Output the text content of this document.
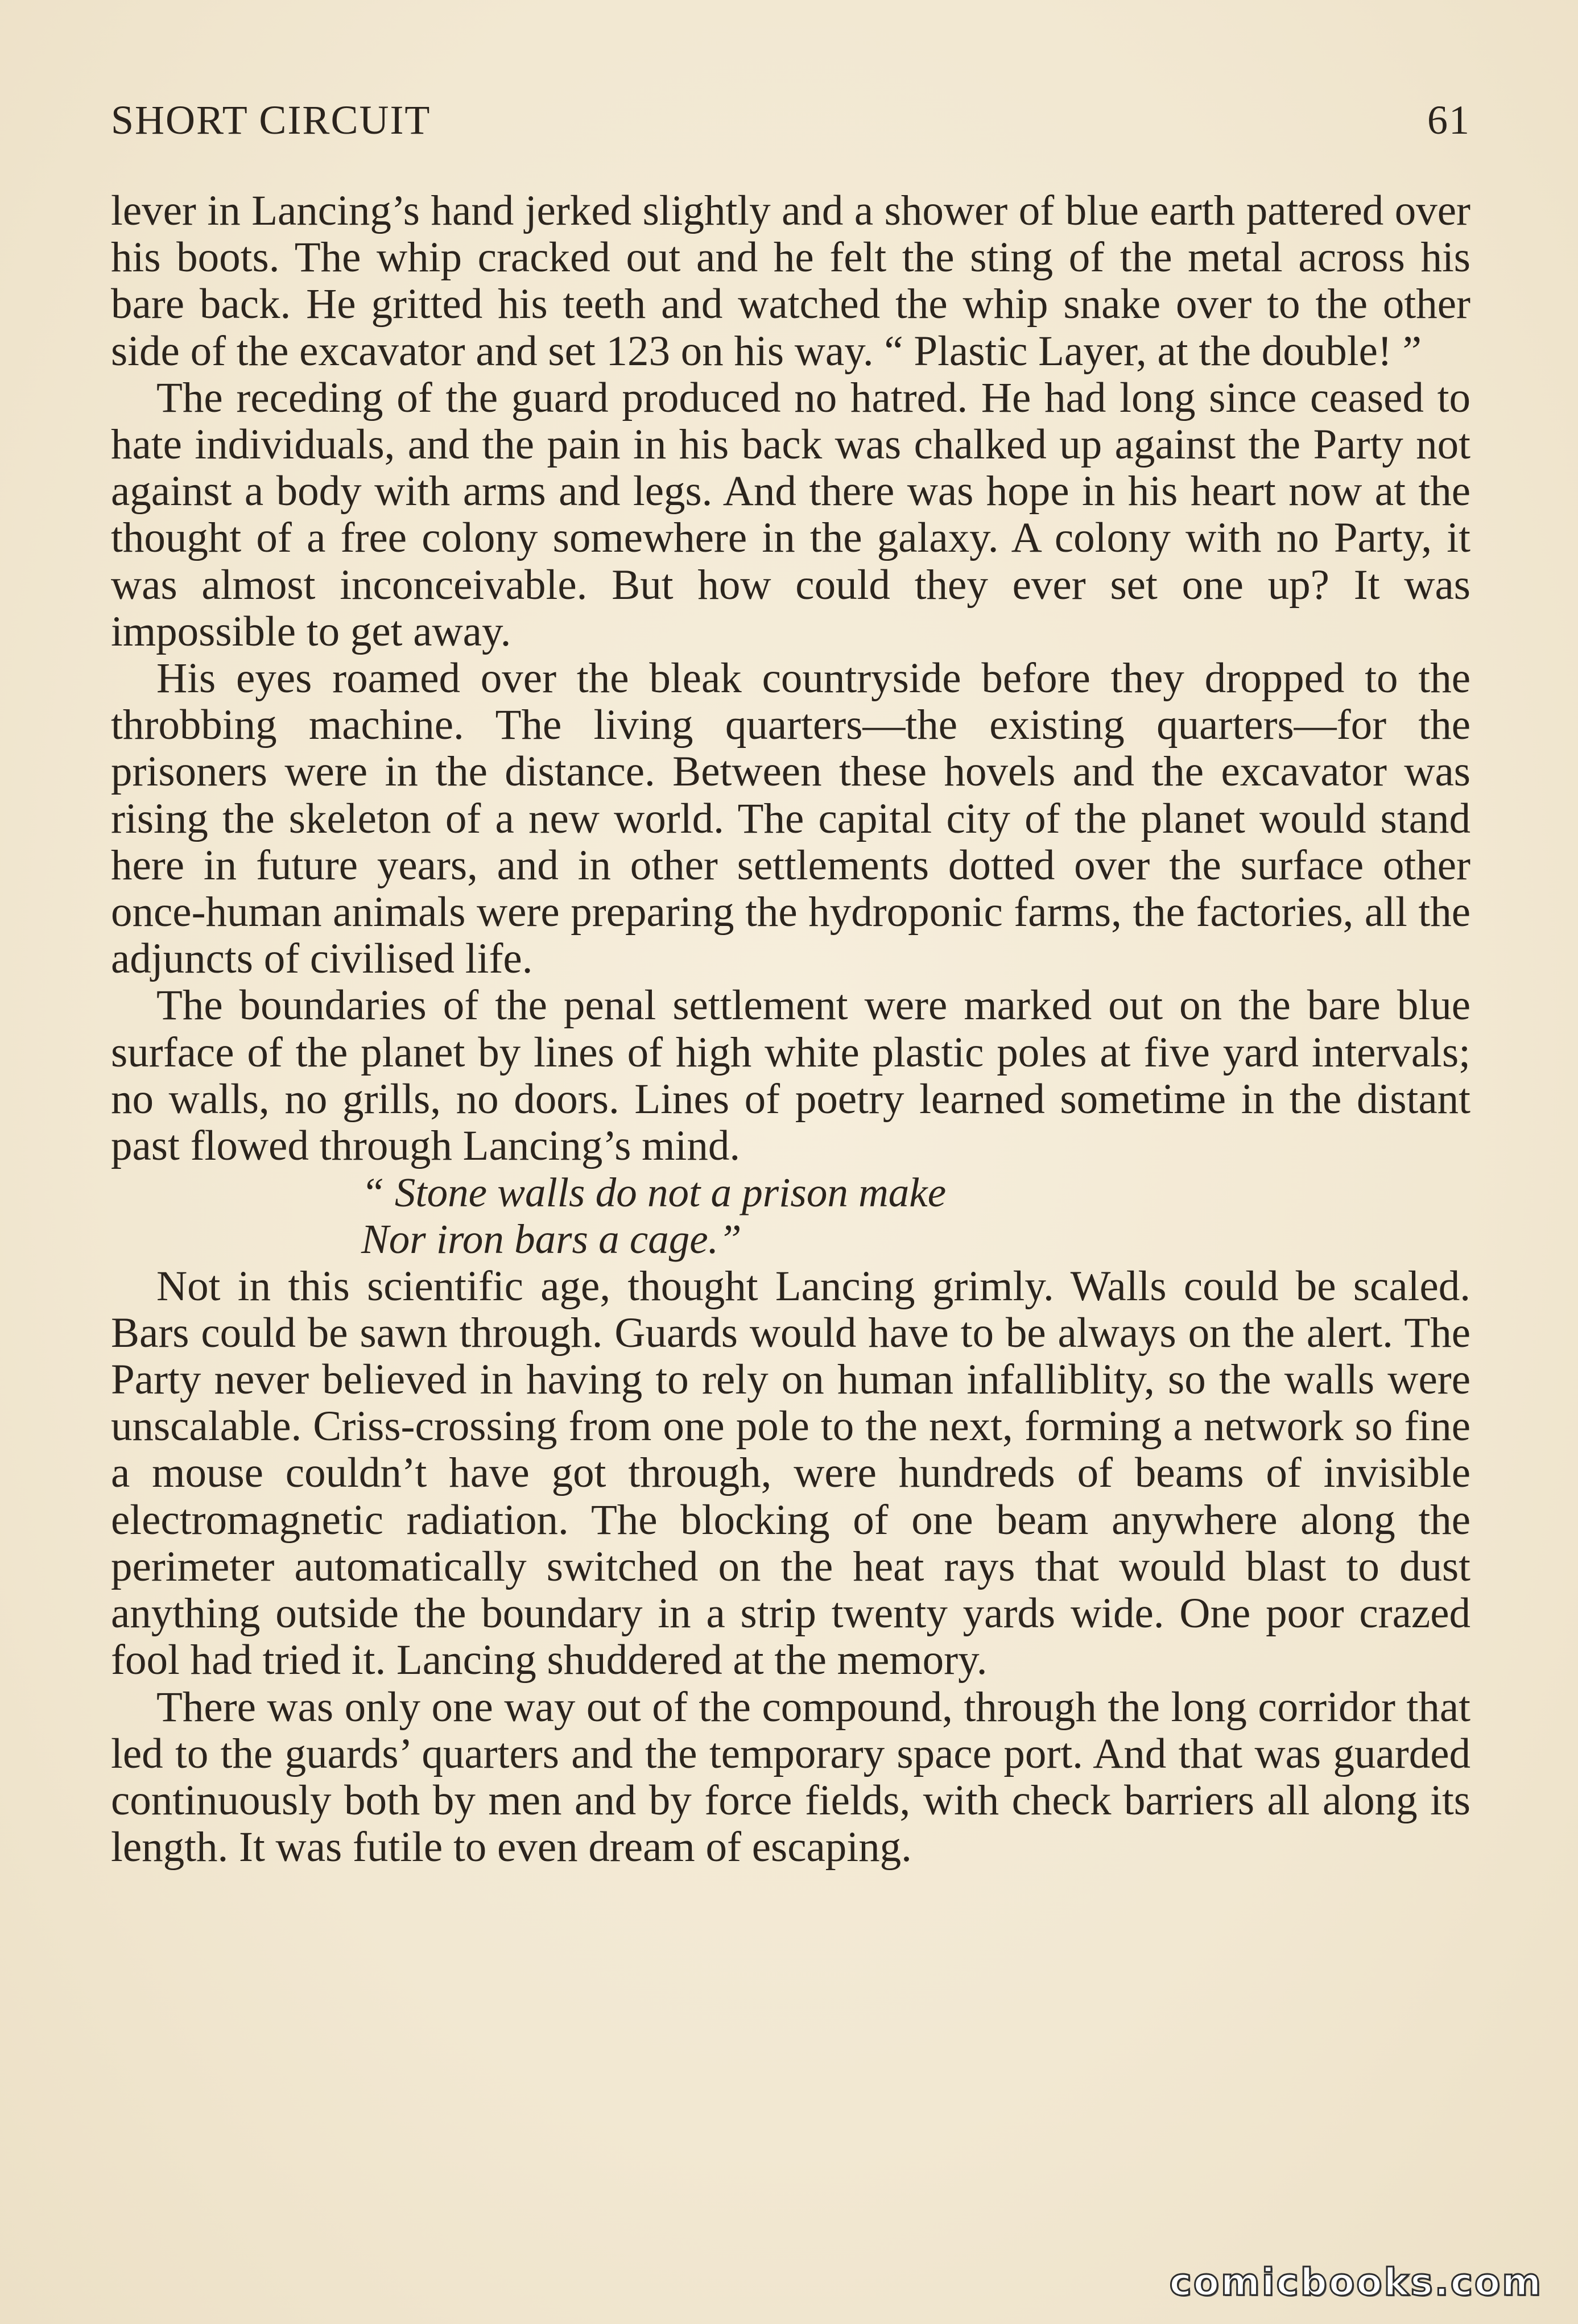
SHORT CIRCUIT	61

lever in Lancing’s hand jerked slightly and a shower of blue earth pattered over his boots. The whip cracked out and he felt the sting of the metal across his bare back. He gritted his teeth and watched the whip snake over to the other side of the excavator and set 123 on his way. “ Plastic Layer, at the double! ”

The receding of the guard produced no hatred. He had long since ceased to hate individuals, and the pain in his back was chalked up against the Party not against a body with arms and legs. And there was hope in his heart now at the thought of a free colony somewhere in the galaxy. A colony with no Party, it was almost inconceivable. But how could they ever set one up? It was impossible to get away.

His eyes roamed over the bleak countryside before they dropped to the throbbing machine. The living quarters—the existing quarters—for the prisoners were in the distance. Between these hovels and the excavator was rising the skeleton of a new world. The capital city of the planet would stand here in future years, and in other settlements dotted over the surface other once-human animals were preparing the hydroponic farms, the factories, all the adjuncts of civilised life.

The boundaries of the penal settlement were marked out on the bare blue surface of the planet by lines of high white plastic poles at five yard intervals; no walls, no grills, no doors. Lines of poetry learned sometime in the distant past flowed through Lancing’s mind.

“ Stone walls do not a prison make
Nor iron bars a cage.”

Not in this scientific age, thought Lancing grimly. Walls could be scaled. Bars could be sawn through. Guards would have to be always on the alert. The Party never believed in having to rely on human infalliblity, so the walls were unscalable. Criss-crossing from one pole to the next, forming a network so fine a mouse couldn’t have got through, were hundreds of beams of invisible electromagnetic radiation. The blocking of one beam anywhere along the perimeter automatically switched on the heat rays that would blast to dust anything outside the boundary in a strip twenty yards wide. One poor crazed fool had tried it. Lancing shuddered at the memory.

There was only one way out of the compound, through the long corridor that led to the guards’ quarters and the temporary space port. And that was guarded continuously both by men and by force fields, with check barriers all along its length. It was futile to even dream of escaping.

comicbooks.com
